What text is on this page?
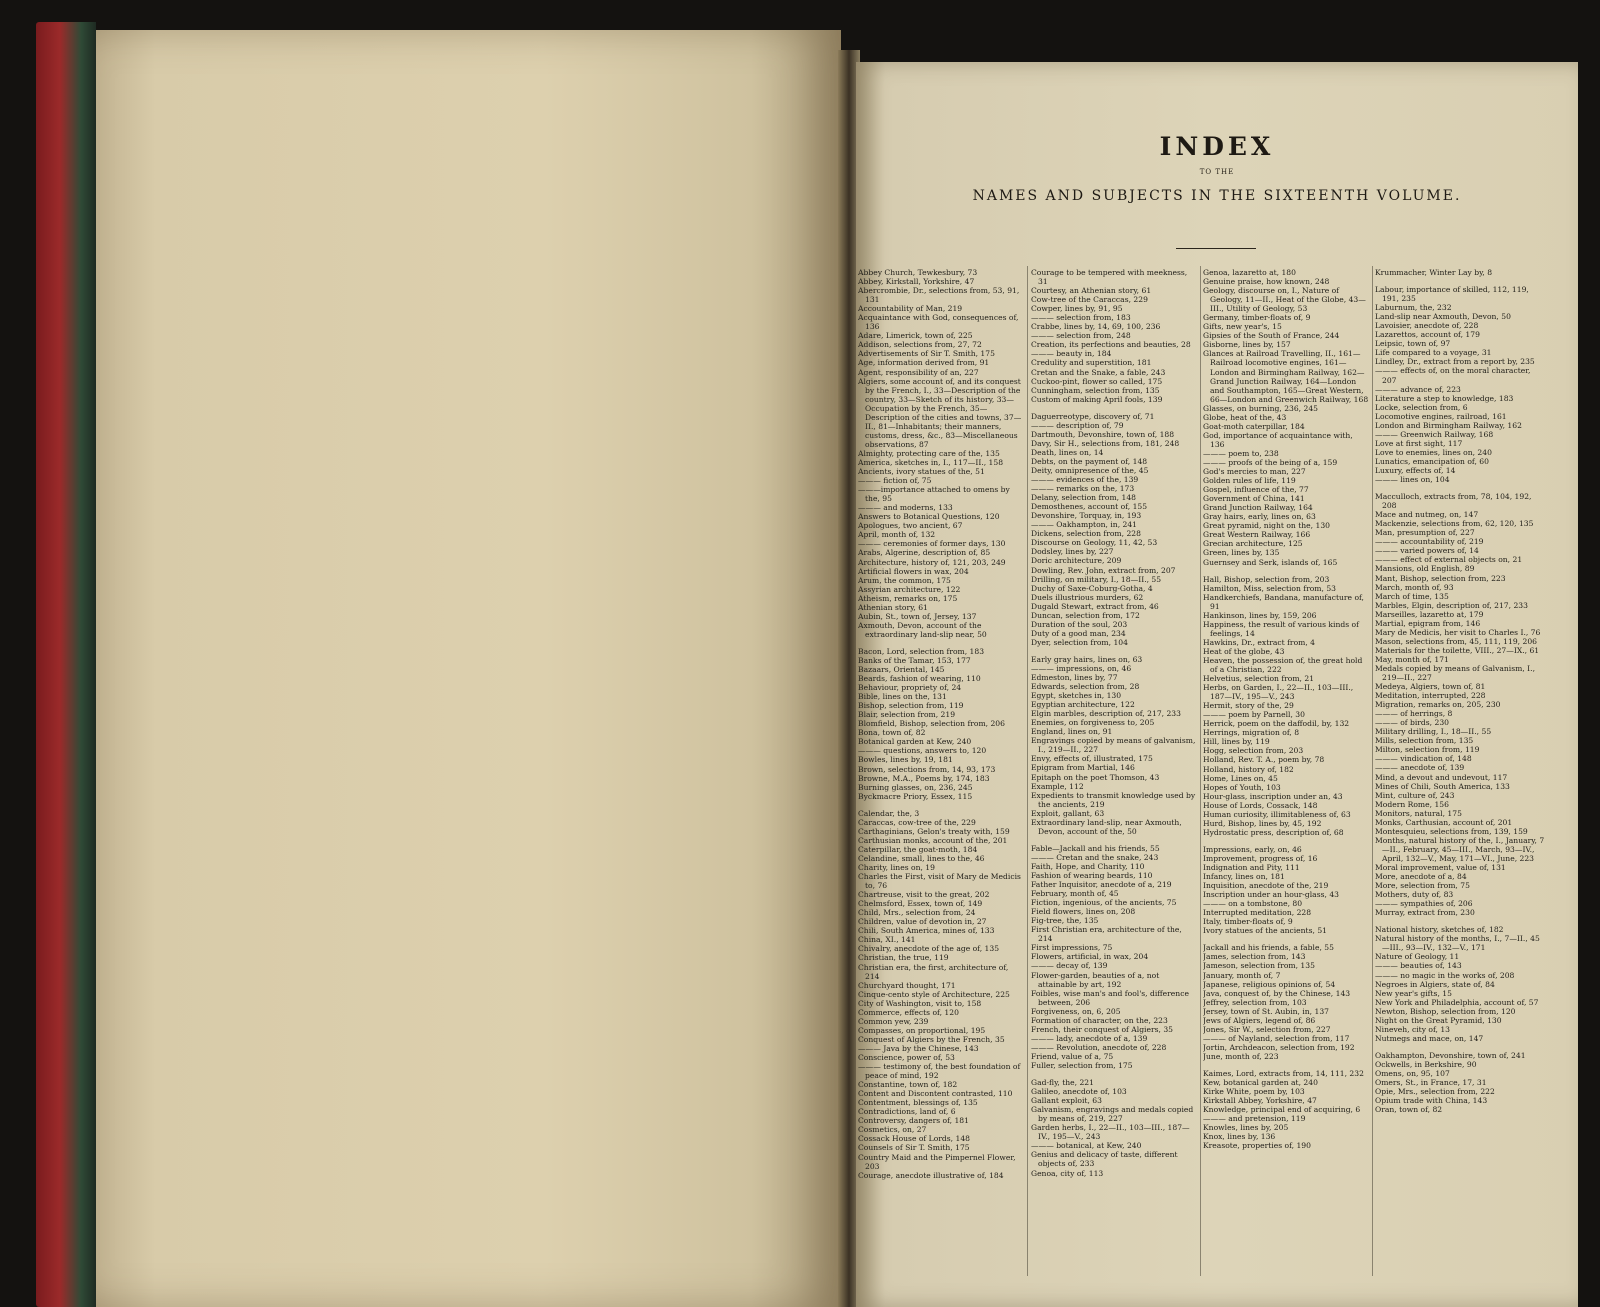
INDEX
TO THE
NAMES AND SUBJECTS IN THE SIXTEENTH VOLUME.
Abbey Church, Tewkesbury, 73
Abbey, Kirkstall, Yorkshire, 47
Abercrombie, Dr., selections from, 53, 91, 131
Accountability of Man, 219
Acquaintance with God, consequences of, 136
Adare, Limerick, town of, 225
Addison, selections from, 27, 72
Advertisements of Sir T. Smith, 175
Age, information derived from, 91
Agent, responsibility of an, 227
Algiers, some account of, and its conquest by the French, I., 33—Description of the country, 33—Sketch of its history, 33—Occupation by the French, 35—Description of the cities and towns, 37—II., 81—Inhabitants; their manners, customs, dress, &c., 83—Miscellaneous observations, 87
Almighty, protecting care of the, 135
America, sketches in, I., 117—II., 158
Ancients, ivory statues of the, 51
——— fiction of, 75
———importance attached to omens by the, 95
——— and moderns, 133
Answers to Botanical Questions, 120
Apologues, two ancient, 67
April, month of, 132
——— ceremonies of former days, 130
Arabs, Algerine, description of, 85
Architecture, history of, 121, 203, 249
Artificial flowers in wax, 204
Arum, the common, 175
Assyrian architecture, 122
Atheism, remarks on, 175
Athenian story, 61
Aubin, St., town of, Jersey, 137
Axmouth, Devon, account of the extraordinary land-slip near, 50
Bacon, Lord, selection from, 183
Banks of the Tamar, 153, 177
Bazaars, Oriental, 145
Beards, fashion of wearing, 110
Behaviour, propriety of, 24
Bible, lines on the, 131
Bishop, selection from, 119
Blair, selection from, 219
Blomfield, Bishop, selection from, 206
Bona, town of, 82
Botanical garden at Kew, 240
——— questions, answers to, 120
Bowles, lines by, 19, 181
Brown, selections from, 14, 93, 173
Browne, M.A., Poems by, 174, 183
Burning glasses, on, 236, 245
Byckmacre Priory, Essex, 115
Calendar, the, 3
Caraccas, cow-tree of the, 229
Carthaginians, Gelon's treaty with, 159
Carthusian monks, account of the, 201
Caterpillar, the goat-moth, 184
Celandine, small, lines to the, 46
Charity, lines on, 19
Charles the First, visit of Mary de Medicis to, 76
Chartreuse, visit to the great, 202
Chelmsford, Essex, town of, 149
Child, Mrs., selection from, 24
Children, value of devotion in, 27
Chili, South America, mines of, 133
China, XI., 141
Chivalry, anecdote of the age of, 135
Christian, the true, 119
Christian era, the first, architecture of, 214
Churchyard thought, 171
Cinque-cento style of Architecture, 225
City of Washington, visit to, 158
Commerce, effects of, 120
Common yew, 239
Compasses, on proportional, 195
Conquest of Algiers by the French, 35
——— Java by the Chinese, 143
Conscience, power of, 53
——— testimony of, the best foundation of peace of mind, 192
Constantine, town of, 182
Content and Discontent contrasted, 110
Contentment, blessings of, 135
Contradictions, land of, 6
Controversy, dangers of, 181
Cosmetics, on, 27
Cossack House of Lords, 148
Counsels of Sir T. Smith, 175
Country Maid and the Pimpernel Flower, 203
Courage, anecdote illustrative of, 184
Courage to be tempered with meekness, 31
Courtesy, an Athenian story, 61
Cow-tree of the Caraccas, 229
Cowper, lines by, 91, 95
——— selection from, 183
Crabbe, lines by, 14, 69, 100, 236
——— selection from, 248
Creation, its perfections and beauties, 28
——— beauty in, 184
Credulity and superstition, 181
Cretan and the Snake, a fable, 243
Cuckoo-pint, flower so called, 175
Cunningham, selection from, 135
Custom of making April fools, 139
Daguerreotype, discovery of, 71
——— description of, 79
Dartmouth, Devonshire, town of, 188
Davy, Sir H., selections from, 181, 248
Death, lines on, 14
Debts, on the payment of, 148
Deity, omnipresence of the, 45
——— evidences of the, 139
——— remarks on the, 173
Delany, selection from, 148
Demosthenes, account of, 155
Devonshire, Torquay, in, 193
——— Oakhampton, in, 241
Dickens, selection from, 228
Discourse on Geology, 11, 42, 53
Dodsley, lines by, 227
Doric architecture, 209
Dowling, Rev. John, extract from, 207
Drilling, on military, I., 18—II., 55
Duchy of Saxe-Coburg-Gotha, 4
Duels illustrious murders, 62
Dugald Stewart, extract from, 46
Duncan, selection from, 172
Duration of the soul, 203
Duty of a good man, 234
Dyer, selection from, 104
Early gray hairs, lines on, 63
——— impressions, on, 46
Edmeston, lines by, 77
Edwards, selection from, 28
Egypt, sketches in, 130
Egyptian architecture, 122
Elgin marbles, description of, 217, 233
Enemies, on forgiveness to, 205
England, lines on, 91
Engravings copied by means of galvanism, I., 219—II., 227
Envy, effects of, illustrated, 175
Epigram from Martial, 146
Epitaph on the poet Thomson, 43
Example, 112
Expedients to transmit knowledge used by the ancients, 219
Exploit, gallant, 63
Extraordinary land-slip, near Axmouth, Devon, account of the, 50
Fable—Jackall and his friends, 55
——— Cretan and the snake, 243
Faith, Hope, and Charity, 110
Fashion of wearing beards, 110
Father Inquisitor, anecdote of a, 219
February, month of, 45
Fiction, ingenious, of the ancients, 75
Field flowers, lines on, 208
Fig-tree, the, 135
First Christian era, architecture of the, 214
First impressions, 75
Flowers, artificial, in wax, 204
——— decay of, 139
Flower-garden, beauties of a, not attainable by art, 192
Foibles, wise man's and fool's, difference between, 206
Forgiveness, on, 6, 205
Formation of character, on the, 223
French, their conquest of Algiers, 35
——— lady, anecdote of a, 139
——— Revolution, anecdote of, 228
Friend, value of a, 75
Fuller, selection from, 175
Gad-fly, the, 221
Galileo, anecdote of, 103
Gallant exploit, 63
Galvanism, engravings and medals copied by means of, 219, 227
Garden herbs, I., 22—II., 103—III., 187—IV., 195—V., 243
——— botanical, at Kew, 240
Genius and delicacy of taste, different objects of, 233
Genoa, city of, 113
Genoa, lazaretto at, 180
Genuine praise, how known, 248
Geology, discourse on, I., Nature of Geology, 11—II., Heat of the Globe, 43—III., Utility of Geology, 53
Germany, timber-floats of, 9
Gifts, new year's, 15
Gipsies of the South of France, 244
Gisborne, lines by, 157
Glances at Railroad Travelling, II., 161—Railroad locomotive engines, 161—London and Birmingham Railway, 162—Grand Junction Railway, 164—London and Southampton, 165—Great Western, 66—London and Greenwich Railway, 168
Glasses, on burning, 236, 245
Globe, heat of the, 43
Goat-moth caterpillar, 184
God, importance of acquaintance with, 136
——— poem to, 238
——— proofs of the being of a, 159
God's mercies to man, 227
Golden rules of life, 119
Gospel, influence of the, 77
Government of China, 141
Grand Junction Railway, 164
Gray hairs, early, lines on, 63
Great pyramid, night on the, 130
Great Western Railway, 166
Grecian architecture, 125
Green, lines by, 135
Guernsey and Serk, islands of, 165
Hall, Bishop, selection from, 203
Hamilton, Miss, selection from, 53
Handkerchiefs, Bandana, manufacture of, 91
Hankinson, lines by, 159, 206
Happiness, the result of various kinds of feelings, 14
Hawkins, Dr., extract from, 4
Heat of the globe, 43
Heaven, the possession of, the great hold of a Christian, 222
Helvetius, selection from, 21
Herbs, on Garden, I., 22—II., 103—III., 187—IV., 195—V., 243
Hermit, story of the, 29
——— poem by Parnell, 30
Herrick, poem on the daffodil, by, 132
Herrings, migration of, 8
Hill, lines by, 119
Hogg, selection from, 203
Holland, Rev. T. A., poem by, 78
Holland, history of, 182
Home, Lines on, 45
Hopes of Youth, 103
Hour-glass, inscription under an, 43
House of Lords, Cossack, 148
Human curiosity, illimitableness of, 63
Hurd, Bishop, lines by, 45, 192
Hydrostatic press, description of, 68
Impressions, early, on, 46
Improvement, progress of, 16
Indignation and Pity, 111
Infancy, lines on, 181
Inquisition, anecdote of the, 219
Inscription under an hour-glass, 43
——— on a tombstone, 80
Interrupted meditation, 228
Italy, timber-floats of, 9
Ivory statues of the ancients, 51
Jackall and his friends, a fable, 55
James, selection from, 143
Jameson, selection from, 135
January, month of, 7
Japanese, religious opinions of, 54
Java, conquest of, by the Chinese, 143
Jeffrey, selection from, 103
Jersey, town of St. Aubin, in, 137
Jews of Algiers, legend of, 86
Jones, Sir W., selection from, 227
——— of Nayland, selection from, 117
Jortin, Archdeacon, selection from, 192
June, month of, 223
Kaimes, Lord, extracts from, 14, 111, 232
Kew, botanical garden at, 240
Kirke White, poem by, 103
Kirkstall Abbey, Yorkshire, 47
Knowledge, principal end of acquiring, 6
——— and pretension, 119
Knowles, lines by, 205
Knox, lines by, 136
Kreasote, properties of, 190
Krummacher, Winter Lay by, 8
Labour, importance of skilled, 112, 119, 191, 235
Laburnum, the, 232
Land-slip near Axmouth, Devon, 50
Lavoisier, anecdote of, 228
Lazarettos, account of, 179
Leipsic, town of, 97
Life compared to a voyage, 31
Lindley, Dr., extract from a report by, 235
——— effects of, on the moral character, 207
——— advance of, 223
Literature a step to knowledge, 183
Locke, selection from, 6
Locomotive engines, railroad, 161
London and Birmingham Railway, 162
——— Greenwich Railway, 168
Love at first sight, 117
Love to enemies, lines on, 240
Lunatics, emancipation of, 60
Luxury, effects of, 14
——— lines on, 104
Macculloch, extracts from, 78, 104, 192, 208
Mace and nutmeg, on, 147
Mackenzie, selections from, 62, 120, 135
Man, presumption of, 227
——— accountability of, 219
——— varied powers of, 14
——— effect of external objects on, 21
Mansions, old English, 89
Mant, Bishop, selection from, 223
March, month of, 93
March of time, 135
Marbles, Elgin, description of, 217, 233
Marseilles, lazaretto at, 179
Martial, epigram from, 146
Mary de Medicis, her visit to Charles I., 76
Mason, selections from, 45, 111, 119, 206
Materials for the toilette, VIII., 27—IX., 61
May, month of, 171
Medals copied by means of Galvanism, I., 219—II., 227
Medeya, Algiers, town of, 81
Meditation, interrupted, 228
Migration, remarks on, 205, 230
——— of herrings, 8
——— of birds, 230
Military drilling, I., 18—II., 55
Mills, selection from, 135
Milton, selection from, 119
——— vindication of, 148
——— anecdote of, 139
Mind, a devout and undevout, 117
Mines of Chili, South America, 133
Mint, culture of, 243
Modern Rome, 156
Monitors, natural, 175
Monks, Carthusian, account of, 201
Montesquieu, selections from, 139, 159
Months, natural history of the, I., January, 7—II., February, 45—III., March, 93—IV., April, 132—V., May, 171—VI., June, 223
Moral improvement, value of, 131
More, anecdote of a, 84
More, selection from, 75
Mothers, duty of, 83
——— sympathies of, 206
Murray, extract from, 230
National history, sketches of, 182
Natural history of the months, I., 7—II., 45—III., 93—IV., 132—V., 171
Nature of Geology, 11
——— beauties of, 143
——— no magic in the works of, 208
Negroes in Algiers, state of, 84
New year's gifts, 15
New York and Philadelphia, account of, 57
Newton, Bishop, selection from, 120
Night on the Great Pyramid, 130
Nineveh, city of, 13
Nutmegs and mace, on, 147
Oakhampton, Devonshire, town of, 241
Ockwells, in Berkshire, 90
Omens, on, 95, 107
Omers, St., in France, 17, 31
Opie, Mrs., selection from, 222
Opium trade with China, 143
Oran, town of, 82
